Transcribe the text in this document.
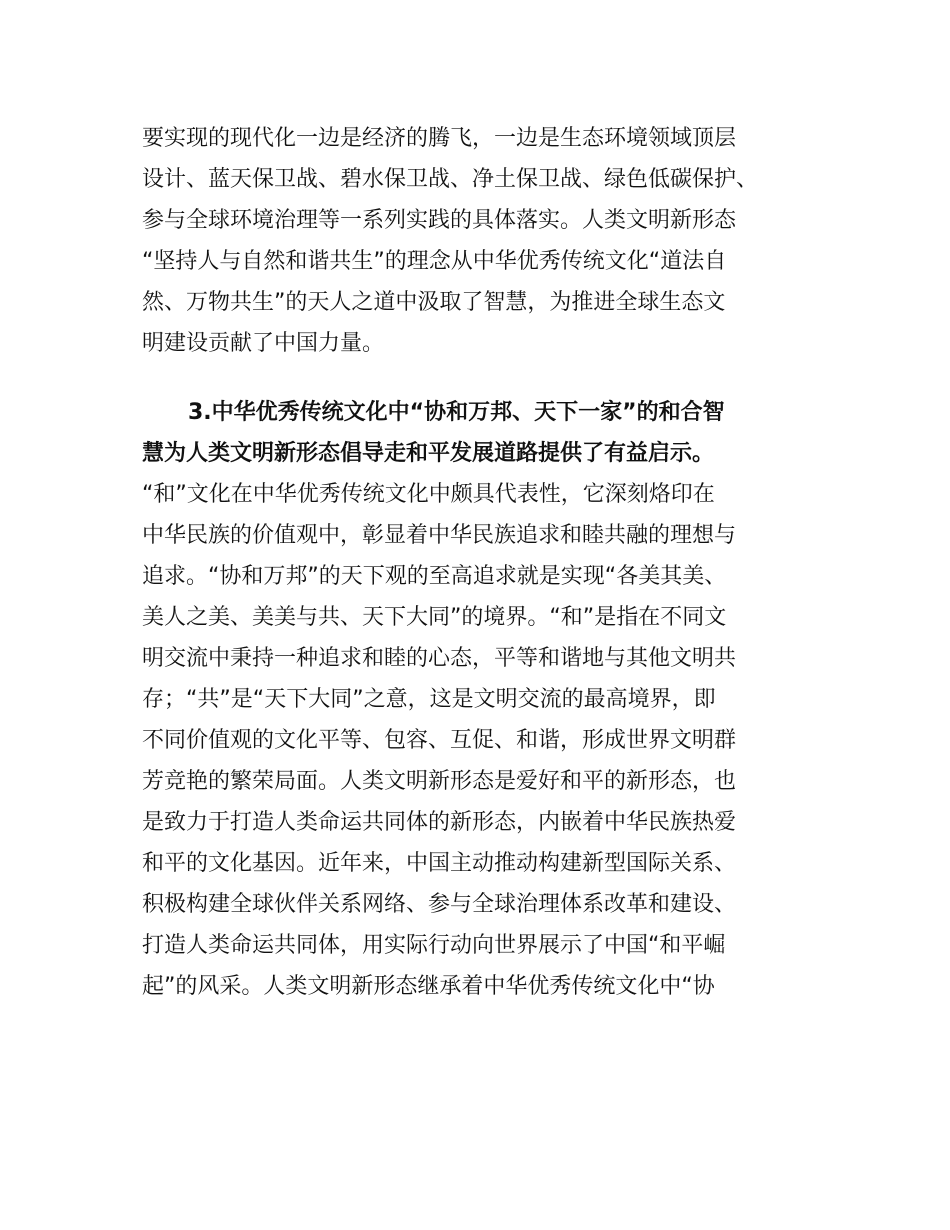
要实现的现代化一边是经济的腾飞，一边是生态环境领域顶层
设计、蓝天保卫战、碧水保卫战、净土保卫战、绿色低碳保护、
参与全球环境治理等一系列实践的具体落实。人类文明新形态
“坚持人与自然和谐共生”的理念从中华优秀传统文化“道法自
然、万物共生”的天人之道中汲取了智慧，为推进全球生态文
明建设贡献了中国力量。
3.中华优秀传统文化中“协和万邦、天下一家”的和合智
慧为人类文明新形态倡导走和平发展道路提供了有益启示。
“和”文化在中华优秀传统文化中颇具代表性，它深刻烙印在
中华民族的价值观中，彰显着中华民族追求和睦共融的理想与
追求。“协和万邦”的天下观的至高追求就是实现“各美其美、
美人之美、美美与共、天下大同”的境界。“和”是指在不同文
明交流中秉持一种追求和睦的心态，平等和谐地与其他文明共
存；“共”是“天下大同”之意，这是文明交流的最高境界，即
不同价值观的文化平等、包容、互促、和谐，形成世界文明群
芳竞艳的繁荣局面。人类文明新形态是爱好和平的新形态，也
是致力于打造人类命运共同体的新形态，内嵌着中华民族热爱
和平的文化基因。近年来，中国主动推动构建新型国际关系、
积极构建全球伙伴关系网络、参与全球治理体系改革和建设、
打造人类命运共同体，用实际行动向世界展示了中国“和平崛
起”的风采。人类文明新形态继承着中华优秀传统文化中“协
